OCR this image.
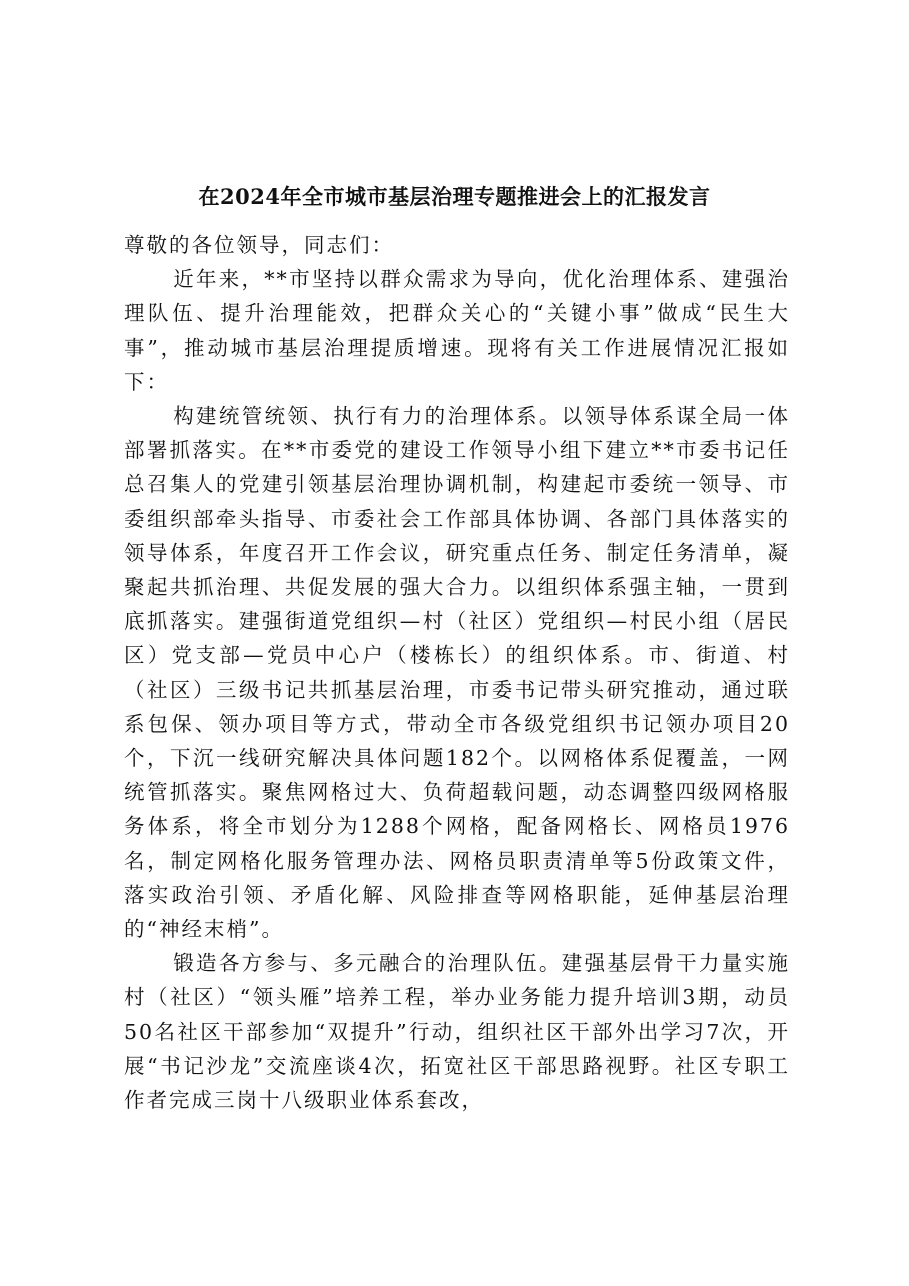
在2024年全市城市基层治理专题推进会上的汇报发言

尊敬的各位领导，同志们：

近年来，**市坚持以群众需求为导向，优化治理体系、建强治理队伍、提升治理能效，把群众关心的“关键小事”做成“民生大事”，推动城市基层治理提质增速。现将有关工作进展情况汇报如下：

构建统管统领、执行有力的治理体系。以领导体系谋全局一体部署抓落实。在**市委党的建设工作领导小组下建立**市委书记任总召集人的党建引领基层治理协调机制，构建起市委统一领导、市委组织部牵头指导、市委社会工作部具体协调、各部门具体落实的领导体系，年度召开工作会议，研究重点任务、制定任务清单，凝聚起共抓治理、共促发展的强大合力。以组织体系强主轴，一贯到底抓落实。建强街道党组织—村（社区）党组织—村民小组（居民区）党支部—党员中心户（楼栋长）的组织体系。市、街道、村（社区）三级书记共抓基层治理，市委书记带头研究推动，通过联系包保、领办项目等方式，带动全市各级党组织书记领办项目20个，下沉一线研究解决具体问题182个。以网格体系促覆盖，一网统管抓落实。聚焦网格过大、负荷超载问题，动态调整四级网格服务体系，将全市划分为1288个网格，配备网格长、网格员1976名，制定网格化服务管理办法、网格员职责清单等5份政策文件，落实政治引领、矛盾化解、风险排查等网格职能，延伸基层治理的“神经末梢”。

锻造各方参与、多元融合的治理队伍。建强基层骨干力量实施村（社区）“领头雁”培养工程，举办业务能力提升培训3期，动员50名社区干部参加“双提升”行动，组织社区干部外出学习7次，开展“书记沙龙”交流座谈4次，拓宽社区干部思路视野。社区专职工作者完成三岗十八级职业体系套改，
